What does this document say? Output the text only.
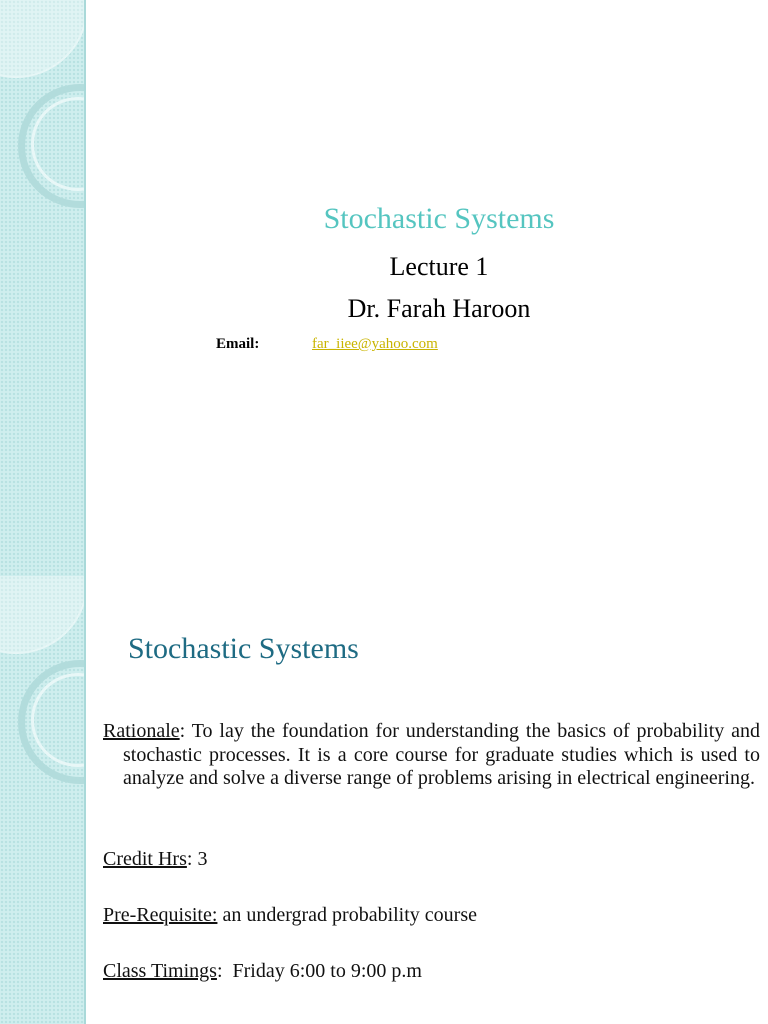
Stochastic Systems
Lecture 1
Dr. Farah Haroon
Email:	far_iiee@yahoo.com
Stochastic Systems
Rationale: To lay the foundation for understanding the basics of probability and stochastic processes. It is a core course for graduate studies which is used to analyze and solve a diverse range of problems arising in electrical engineering.
Credit Hrs: 3
Pre-Requisite: an undergrad probability course
Class Timings:  Friday 6:00 to 9:00 p.m
